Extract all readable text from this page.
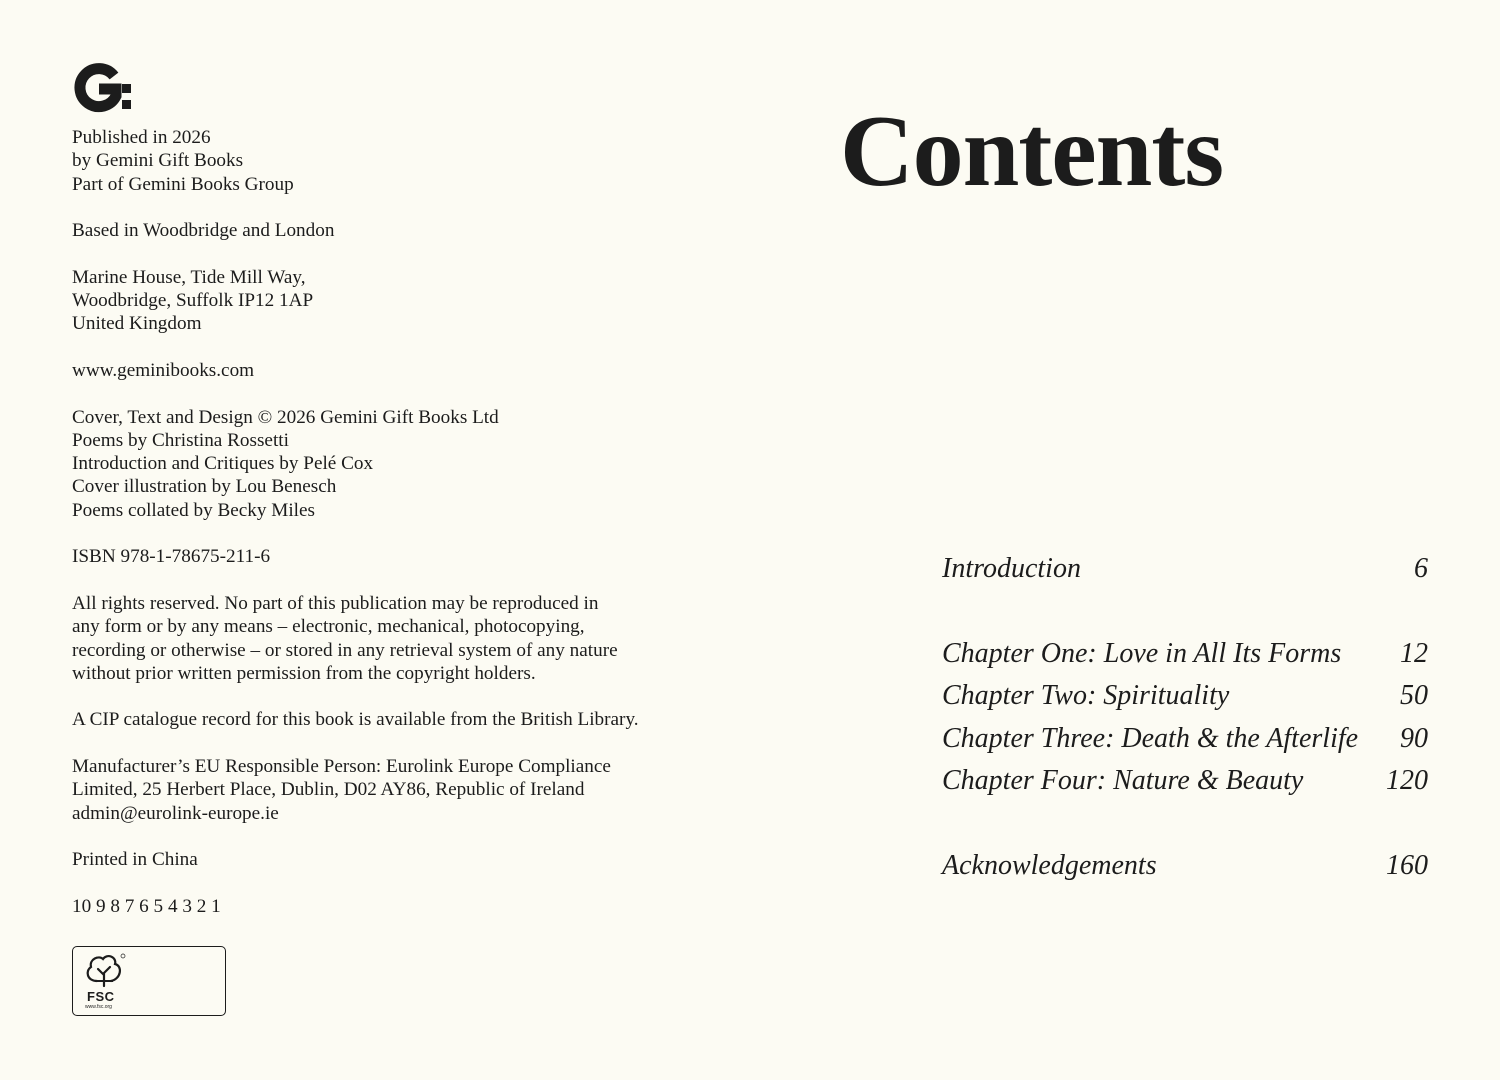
Published in 2026
by Gemini Gift Books
Part of Gemini Books Group

Based in Woodbridge and London

Marine House, Tide Mill Way,
Woodbridge, Suffolk IP12 1AP
United Kingdom

www.geminibooks.com

Cover, Text and Design © 2026 Gemini Gift Books Ltd
Poems by Christina Rossetti
Introduction and Critiques by Pelé Cox
Cover illustration by Lou Benesch
Poems collated by Becky Miles

ISBN 978-1-78675-211-6

All rights reserved. No part of this publication may be reproduced in
any form or by any means – electronic, mechanical, photocopying,
recording or otherwise – or stored in any retrieval system of any nature
without prior written permission from the copyright holders.

A CIP catalogue record for this book is available from the British Library.

Manufacturer’s EU Responsible Person: Eurolink Europe Compliance
Limited, 25 Herbert Place, Dublin, D02 AY86, Republic of Ireland
admin@eurolink-europe.ie

Printed in China

10 9 8 7 6 5 4 3 2 1

FSC
www.fsc.org
Contents
Introduction	6
Chapter One: Love in All Its Forms 12
Chapter Two: Spirituality	50
Chapter Three: Death & the Afterlife 90
Chapter Four: Nature & Beauty	120
Acknowledgements	160
